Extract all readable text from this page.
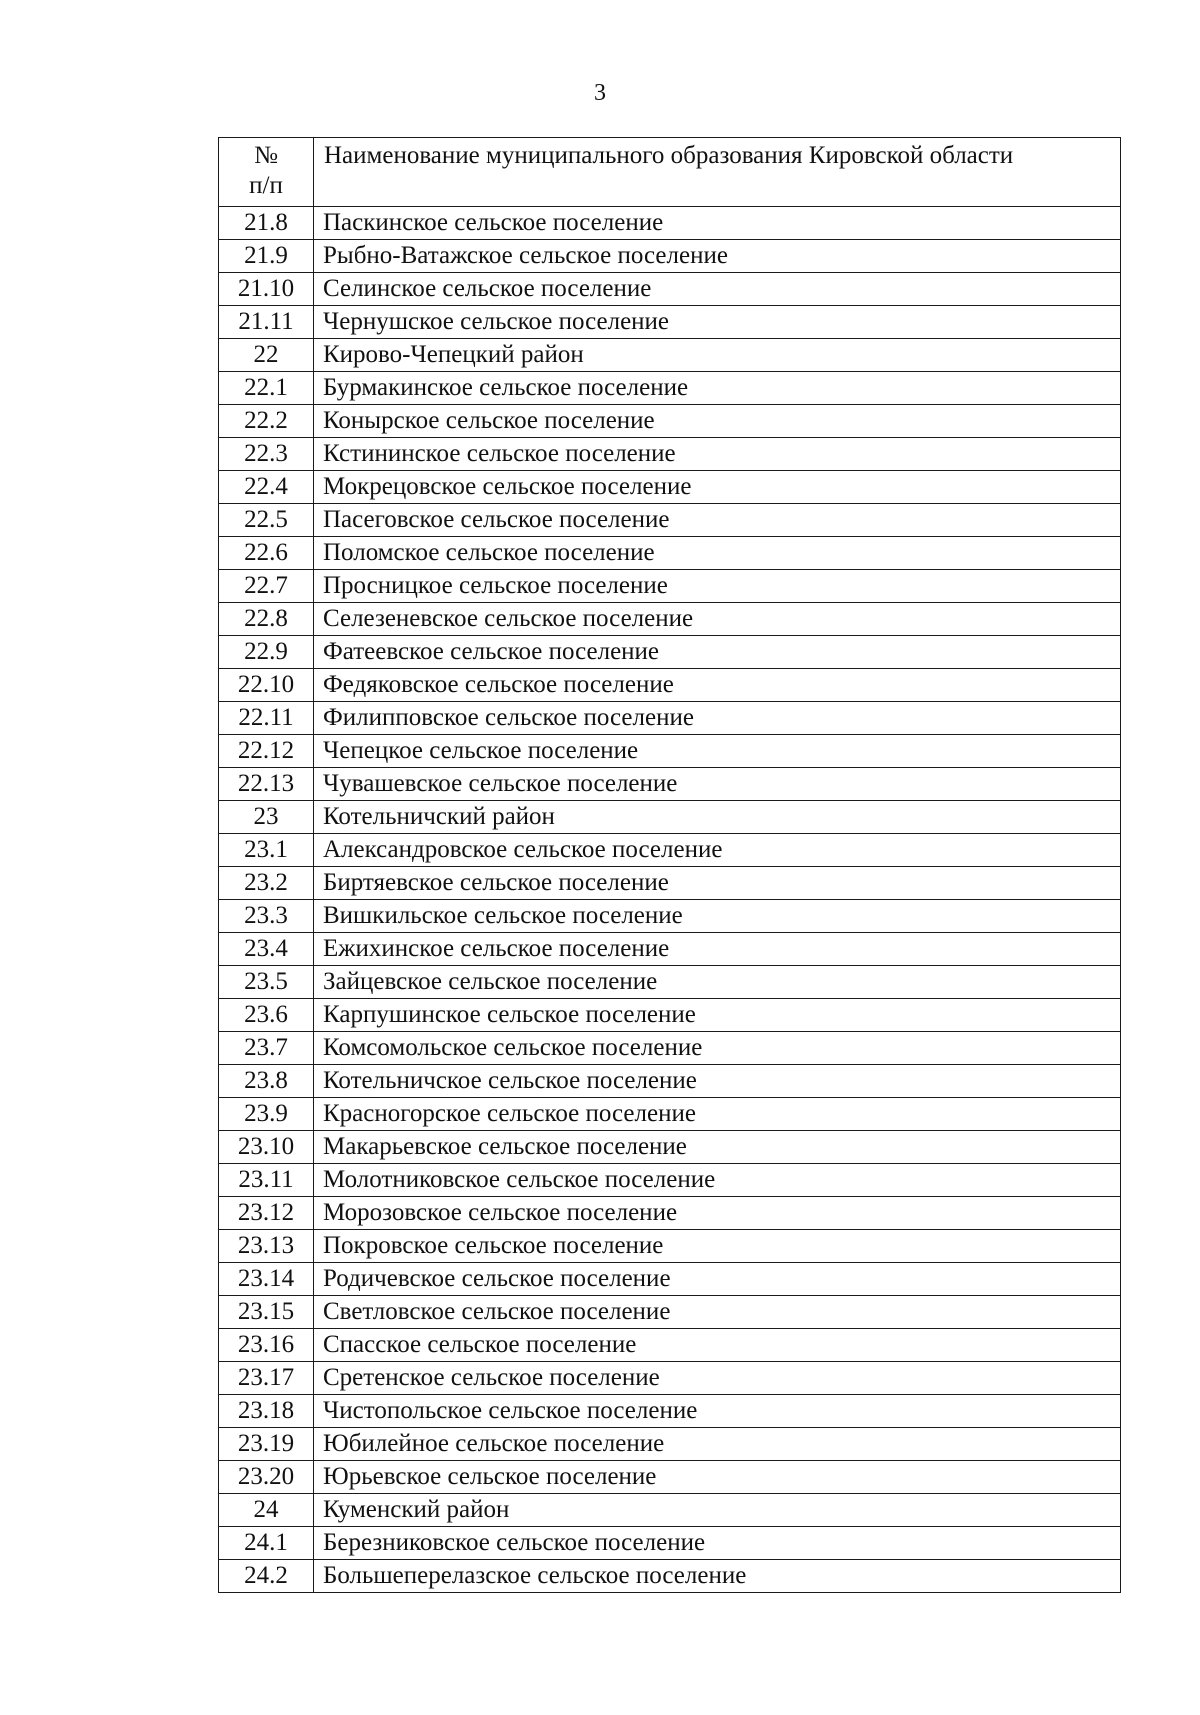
3
№
п/п	Наименование муниципального образования Кировской области
21.8	Паскинское сельское поселение
21.9	Рыбно-Ватажское сельское поселение
21.10	Селинское сельское поселение
21.11	Чернушское сельское поселение
22	Кирово-Чепецкий район
22.1	Бурмакинское сельское поселение
22.2	Конырское сельское поселение
22.3	Кстининское сельское поселение
22.4	Мокрецовское сельское поселение
22.5	Пасеговское сельское поселение
22.6	Поломское сельское поселение
22.7	Просницкое сельское поселение
22.8	Селезеневское сельское поселение
22.9	Фатеевское сельское поселение
22.10	Федяковское сельское поселение
22.11	Филипповское сельское поселение
22.12	Чепецкое сельское поселение
22.13	Чувашевское сельское поселение
23	Котельничский район
23.1	Александровское сельское поселение
23.2	Биртяевское сельское поселение
23.3	Вишкильское сельское поселение
23.4	Ежихинское сельское поселение
23.5	Зайцевское сельское поселение
23.6	Карпушинское сельское поселение
23.7	Комсомольское сельское поселение
23.8	Котельничское сельское поселение
23.9	Красногорское сельское поселение
23.10	Макарьевское сельское поселение
23.11	Молотниковское сельское поселение
23.12	Морозовское сельское поселение
23.13	Покровское сельское поселение
23.14	Родичевское сельское поселение
23.15	Светловское сельское поселение
23.16	Спасское сельское поселение
23.17	Сретенское сельское поселение
23.18	Чистопольское сельское поселение
23.19	Юбилейное сельское поселение
23.20	Юрьевское сельское поселение
24	Куменский район
24.1	Березниковское сельское поселение
24.2	Большеперелазское сельское поселение
